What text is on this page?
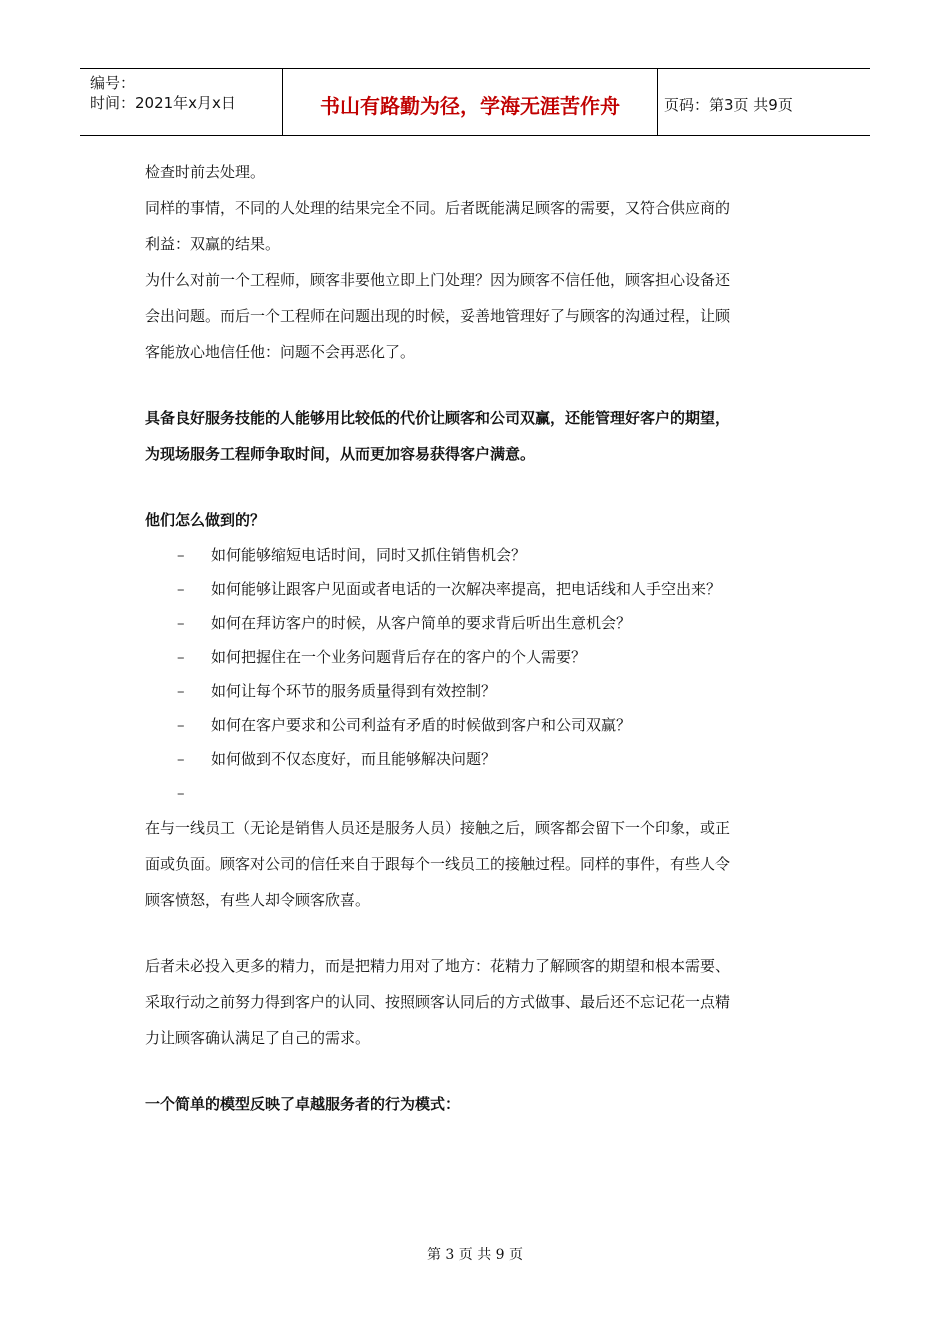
编号：
时间：2021年x月x日	书山有路勤为径，学海无涯苦作舟	页码：第3页 共9页

检查时前去处理。

同样的事情，不同的人处理的结果完全不同。后者既能满足顾客的需要，又符合供应商的

利益：双赢的结果。

为什么对前一个工程师，顾客非要他立即上门处理？因为顾客不信任他，顾客担心设备还

会出问题。而后一个工程师在问题出现的时候，妥善地管理好了与顾客的沟通过程，让顾

客能放心地信任他：问题不会再恶化了。

具备良好服务技能的人能够用比较低的代价让顾客和公司双赢，还能管理好客户的期望，

为现场服务工程师争取时间，从而更加容易获得客户满意。

他们怎么做到的？

–	如何能够缩短电话时间，同时又抓住销售机会？
–	如何能够让跟客户见面或者电话的一次解决率提高，把电话线和人手空出来？
–	如何在拜访客户的时候，从客户简单的要求背后听出生意机会？
–	如何把握住在一个业务问题背后存在的客户的个人需要？
–	如何让每个环节的服务质量得到有效控制？
–	如何在客户要求和公司利益有矛盾的时候做到客户和公司双赢？
–	如何做到不仅态度好，而且能够解决问题？
–

在与一线员工（无论是销售人员还是服务人员）接触之后，顾客都会留下一个印象，或正

面或负面。顾客对公司的信任来自于跟每个一线员工的接触过程。同样的事件，有些人令

顾客愤怒，有些人却令顾客欣喜。

后者未必投入更多的精力，而是把精力用对了地方：花精力了解顾客的期望和根本需要、

采取行动之前努力得到客户的认同、按照顾客认同后的方式做事、最后还不忘记花一点精

力让顾客确认满足了自己的需求。

一个简单的模型反映了卓越服务者的行为模式：

第 3 页 共 9 页
